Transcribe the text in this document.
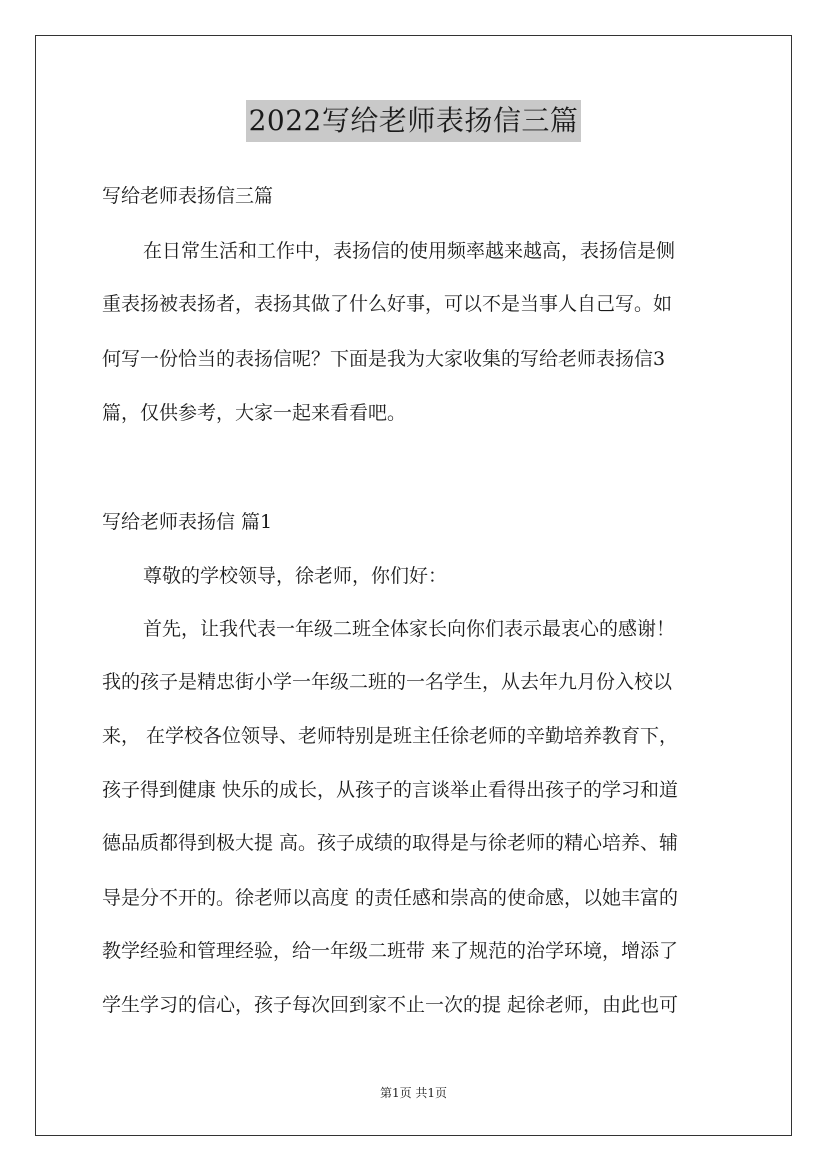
2022写给老师表扬信三篇
写给老师表扬信三篇
在日常生活和工作中，表扬信的使用频率越来越高，表扬信是侧
重表扬被表扬者，表扬其做了什么好事，可以不是当事人自己写。如
何写一份恰当的表扬信呢？下面是我为大家收集的写给老师表扬信3
篇，仅供参考，大家一起来看看吧。
写给老师表扬信 篇1
尊敬的学校领导，徐老师，你们好：
首先，让我代表一年级二班全体家长向你们表示最衷心的感谢！
我的孩子是精忠街小学一年级二班的一名学生，从去年九月份入校以
来， 在学校各位领导、老师特别是班主任徐老师的辛勤培养教育下，
孩子得到健康 快乐的成长，从孩子的言谈举止看得出孩子的学习和道
德品质都得到极大提 高。孩子成绩的取得是与徐老师的精心培养、辅
导是分不开的。徐老师以高度 的责任感和崇高的使命感，以她丰富的
教学经验和管理经验，给一年级二班带 来了规范的治学环境，增添了
学生学习的信心，孩子每次回到家不止一次的提 起徐老师，由此也可
第1页 共1页
